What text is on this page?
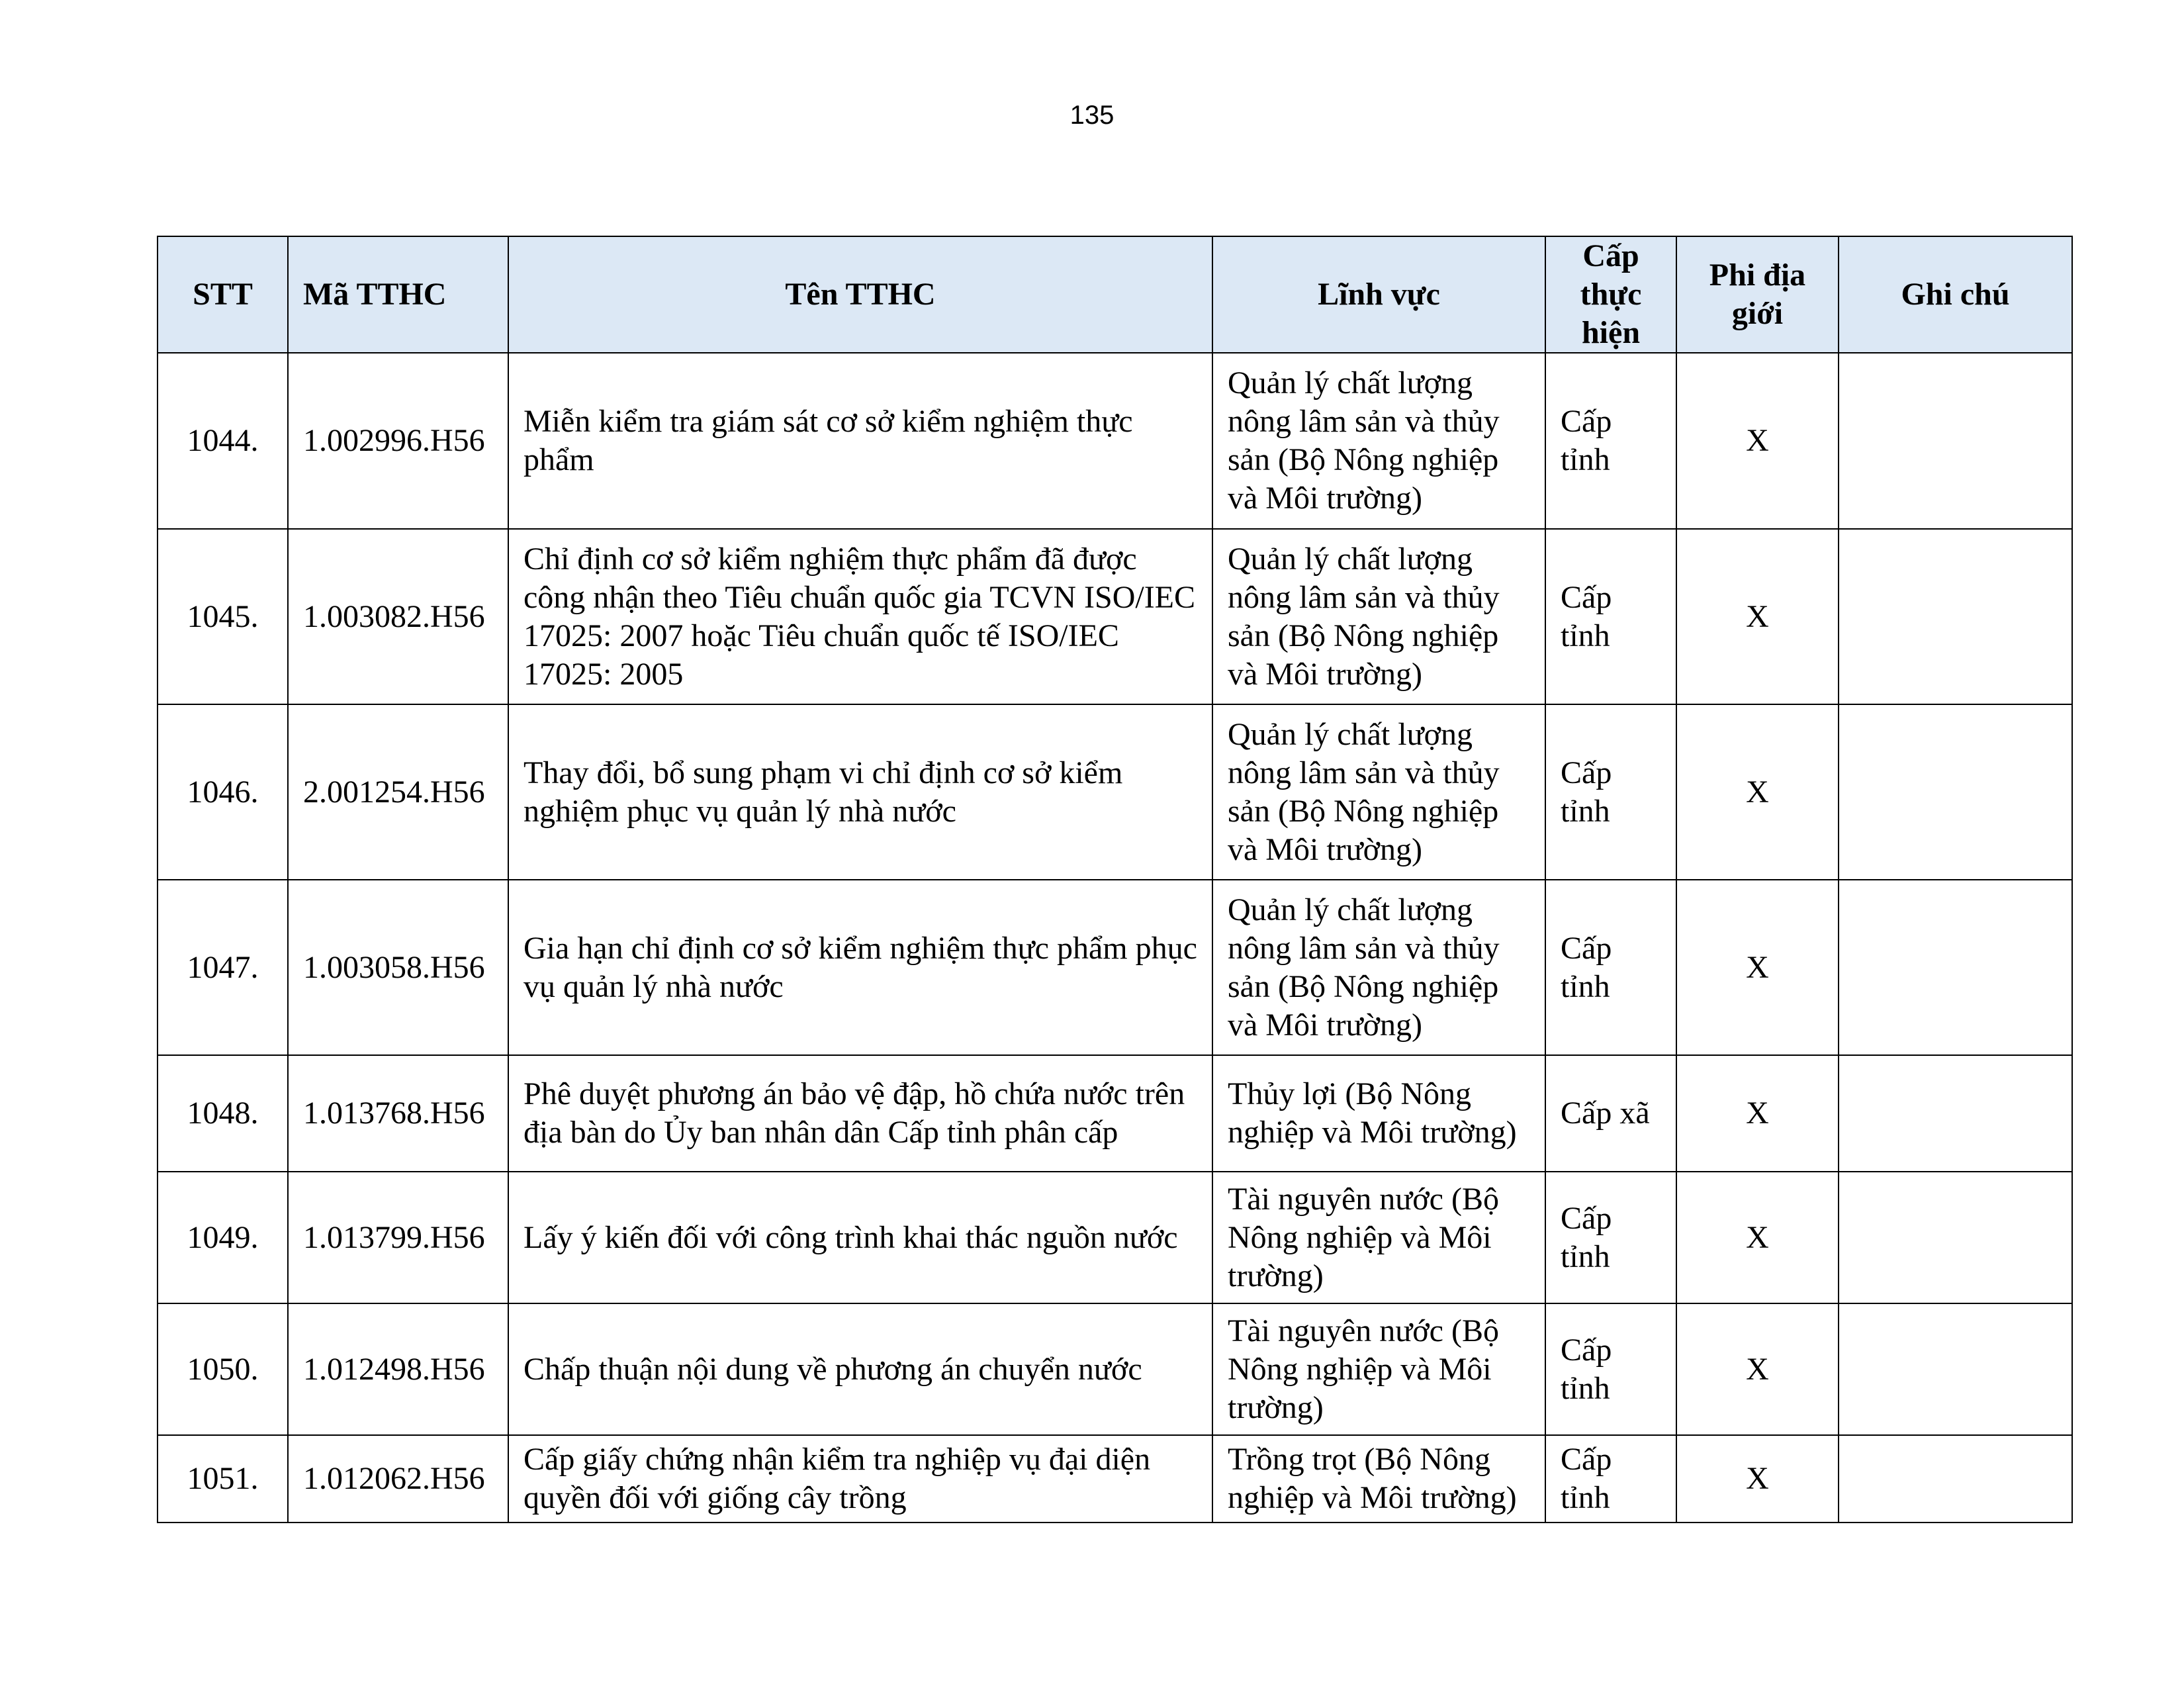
135
STT	Mã TTHC	Tên TTHC	Lĩnh vực	Cấp thực hiện	Phi địa giới	Ghi chú
1044.	1.002996.H56	Miễn kiểm tra giám sát cơ sở kiểm nghiệm thực phẩm	Quản lý chất lượng nông lâm sản và thủy sản (Bộ Nông nghiệp và Môi trường)	Cấp tỉnh	X	
1045.	1.003082.H56	Chỉ định cơ sở kiểm nghiệm thực phẩm đã được công nhận theo Tiêu chuẩn quốc gia TCVN ISO/IEC 17025: 2007 hoặc Tiêu chuẩn quốc tế ISO/IEC 17025: 2005	Quản lý chất lượng nông lâm sản và thủy sản (Bộ Nông nghiệp và Môi trường)	Cấp tỉnh	X	
1046.	2.001254.H56	Thay đổi, bổ sung phạm vi chỉ định cơ sở kiểm nghiệm phục vụ quản lý nhà nước	Quản lý chất lượng nông lâm sản và thủy sản (Bộ Nông nghiệp và Môi trường)	Cấp tỉnh	X	
1047.	1.003058.H56	Gia hạn chỉ định cơ sở kiểm nghiệm thực phẩm phục vụ quản lý nhà nước	Quản lý chất lượng nông lâm sản và thủy sản (Bộ Nông nghiệp và Môi trường)	Cấp tỉnh	X	
1048.	1.013768.H56	Phê duyệt phương án bảo vệ đập, hồ chứa nước trên địa bàn do Ủy ban nhân dân Cấp tỉnh phân cấp	Thủy lợi (Bộ Nông nghiệp và Môi trường)	Cấp xã	X	
1049.	1.013799.H56	Lấy ý kiến đối với công trình khai thác nguồn nước	Tài nguyên nước (Bộ Nông nghiệp và Môi trường)	Cấp tỉnh	X	
1050.	1.012498.H56	Chấp thuận nội dung về phương án chuyển nước	Tài nguyên nước (Bộ Nông nghiệp và Môi trường)	Cấp tỉnh	X	
1051.	1.012062.H56	Cấp giấy chứng nhận kiểm tra nghiệp vụ đại diện quyền đối với giống cây trồng	Trồng trọt (Bộ Nông nghiệp và Môi trường)	Cấp tỉnh	X	
